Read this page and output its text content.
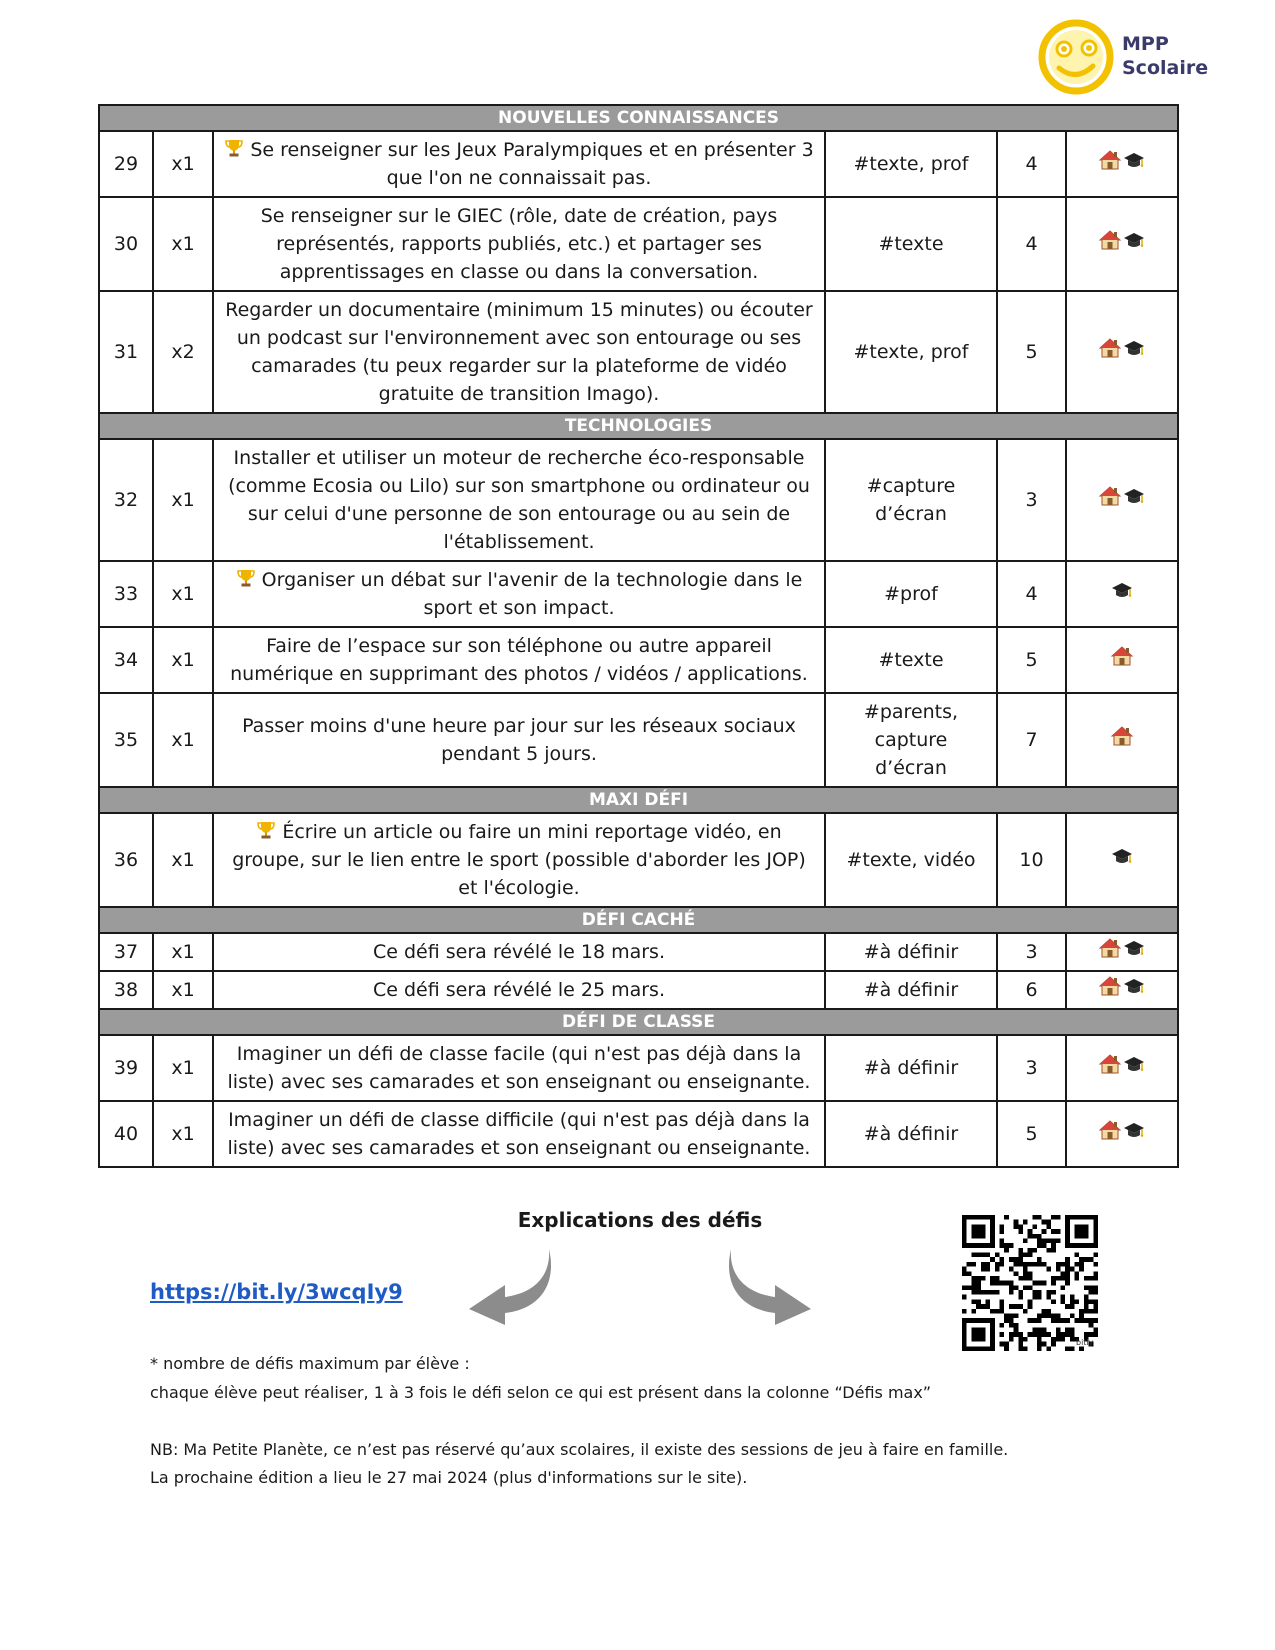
MPP
Scolaire
NOUVELLES CONNAISSANCES					
29	x1	Se renseigner sur les Jeux Paralympiques et en présenter 3 que l'on ne connaissait pas.	#texte, prof	4	

30	x1	Se renseigner sur le GIEC (rôle, date de création, pays représentés, rapports publiés, etc.) et partager ses apprentissages en classe ou dans la conversation.	#texte	4	

31	x2	Regarder un documentaire (minimum 15 minutes) ou écouter un podcast sur l'environnement avec son entourage ou ses camarades (tu peux regarder sur la plateforme de vidéo gratuite de transition Imago).	#texte, prof	5	

TECHNOLOGIES					
32	x1	Installer et utiliser un moteur de recherche éco-responsable (comme Ecosia ou Lilo) sur son smartphone ou ordinateur ou sur celui d'une personne de son entourage ou au sein de l'établissement.	#capture d’écran	3	

33	x1	Organiser un débat sur l'avenir de la technologie dans le sport et son impact.	#prof	4	

34	x1	Faire de l’espace sur son téléphone ou autre appareil numérique en supprimant des photos / vidéos / applications.	#texte	5	

35	x1	Passer moins d'une heure par jour sur les réseaux sociaux pendant 5 jours.	#parents, capture d’écran	7	

MAXI DÉFI					
36	x1	Écrire un article ou faire un mini reportage vidéo, en groupe, sur le lien entre le sport (possible d'aborder les JOP) et l'écologie.	#texte, vidéo	10	

DÉFI CACHÉ					
37	x1	Ce défi sera révélé le 18 mars.	#à définir	3	

38	x1	Ce défi sera révélé le 25 mars.	#à définir	6	

DÉFI DE CLASSE					
39	x1	Imaginer un défi de classe facile (qui n'est pas déjà dans la liste) avec ses camarades et son enseignant ou enseignante.	#à définir	3	

40	x1	Imaginer un défi de classe difficile (qui n'est pas déjà dans la liste) avec ses camarades et son enseignant ou enseignante.	#à définir	5	
Explications des défis
https://bit.ly/3wcqIy9
bitly
* nombre de défis maximum par élève :
chaque élève peut réaliser, 1 à 3 fois le défi selon ce qui est présent dans la colonne “Défis max”
NB: Ma Petite Planète, ce n’est pas réservé qu’aux scolaires, il existe des sessions de jeu à faire en famille.
La prochaine édition a lieu le 27 mai 2024 (plus d'informations sur le site).
